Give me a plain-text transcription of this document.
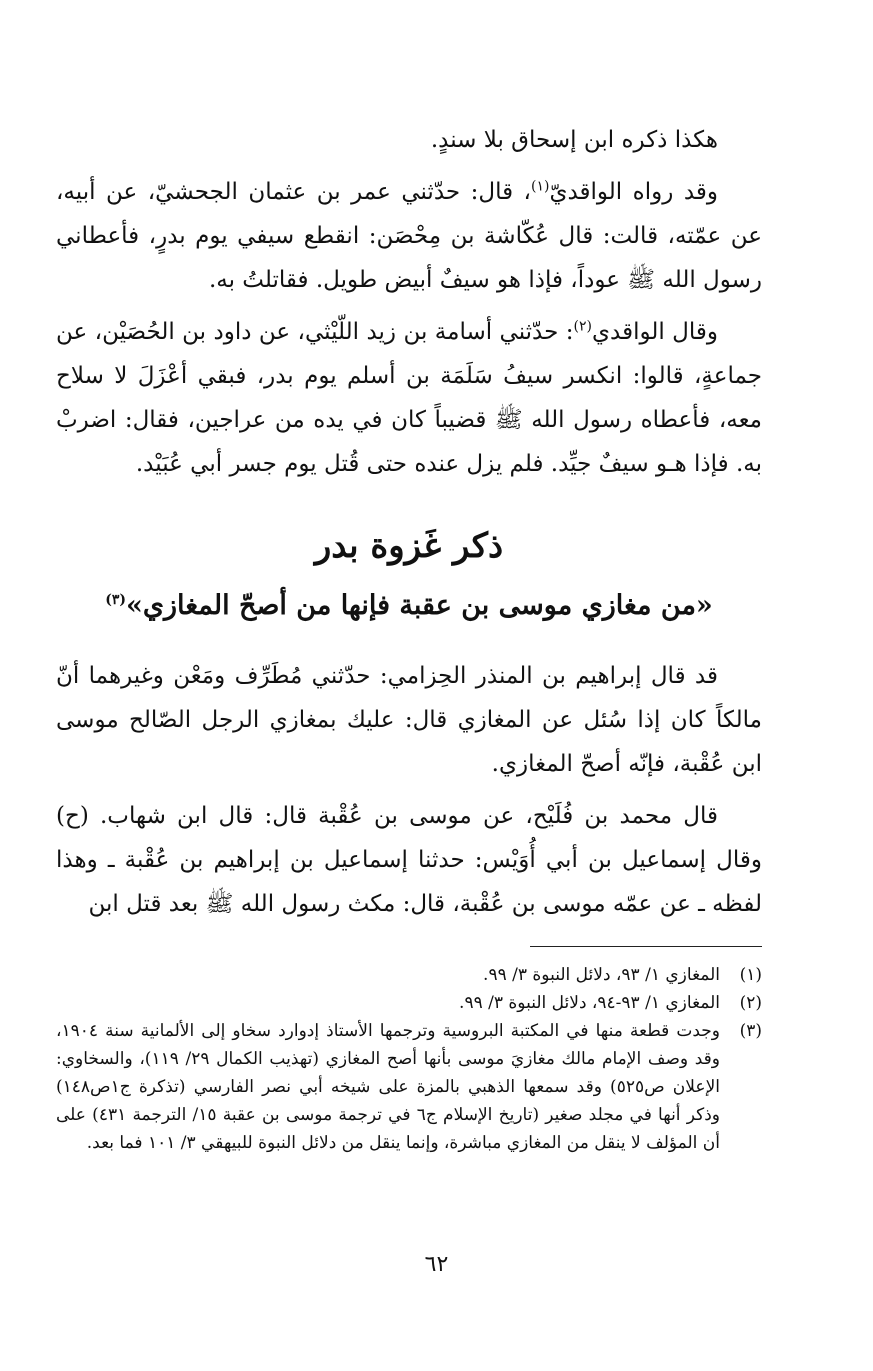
هكذا ذكره ابن إسحاق بلا سندٍ.

وقد رواه الواقديّ$^{(١)}$، قال: حدّثني عمر بن عثمان الجحشيّ، عن أبيه، عن عمّته، قالت: قال عُكّاشة بن مِحْصَن: انقطع سيفي يوم بدرٍ، فأعطاني رسول الله ﷺ عوداً، فإذا هو سيفٌ أبيض طويل. فقاتلتُ به.

وقال الواقدي$^{(٢)}$: حدّثني أسامة بن زيد اللّيْثي، عن داود بن الحُصَيْن، عن جماعةٍ، قالوا: انكسر سيفُ سَلَمَة بن أسلم يوم بدر، فبقي أعْزَلَ لا سلاح معه، فأعطاه رسول الله ﷺ قضيباً كان في يده من عراجين، فقال: اضربْ به. فإذا هـو سيفٌ جيِّد. فلم يزل عنده حتى قُتل يوم جسر أبي عُبَيْد.

ذكر غَزوة بدر
«من مغازي موسى بن عقبة فإنها من أصحّ المغازي»$^{(٣)}$

قد قال إبراهيم بن المنذر الحِزامي: حدّثني مُطَرِّف ومَعْن وغيرهما أنّ مالكاً كان إذا سُئل عن المغازي قال: عليك بمغازي الرجل الصّالح موسى ابن عُقْبة، فإنّه أصحّ المغازي.

قال محمد بن فُلَيْح، عن موسى بن عُقْبة قال: قال ابن شهاب. (ح) وقال إسماعيل بن أبي أُوَيْس: حدثنا إسماعيل بن إبراهيم بن عُقْبة ـ وهذا لفظه ـ عن عمّه موسى بن عُقْبة، قال: مكث رسول الله ﷺ بعد قتل ابن

(١)
المغازي ١/ ٩٣، دلائل النبوة ٣/ ٩٩.
(٢)
المغازي ١/ ٩٣-٩٤، دلائل النبوة ٣/ ٩٩.
(٣)
وجدت قطعة منها في المكتبة البروسية وترجمها الأستاذ إدوارد سخاو إلى الألمانية سنة ١٩٠٤، وقد وصف الإمام مالك مغازيَ موسى بأنها أصح المغازي (تهذيب الكمال ٢٩/ ١١٩)، والسخاوي: الإعلان ص٥٢٥) وقد سمعها الذهبي بالمزة على شيخه أبي نصر الفارسي (تذكرة ج١ص١٤٨) وذكر أنها في مجلد صغير (تاريخ الإسلام ج٦ في ترجمة موسى بن عقبة ١٥/ الترجمة ٤٣١) على أن المؤلف لا ينقل من المغازي مباشرة، وإنما ينقل من دلائل النبوة للبيهقي ٣/ ١٠١ فما بعد.
٦٢
